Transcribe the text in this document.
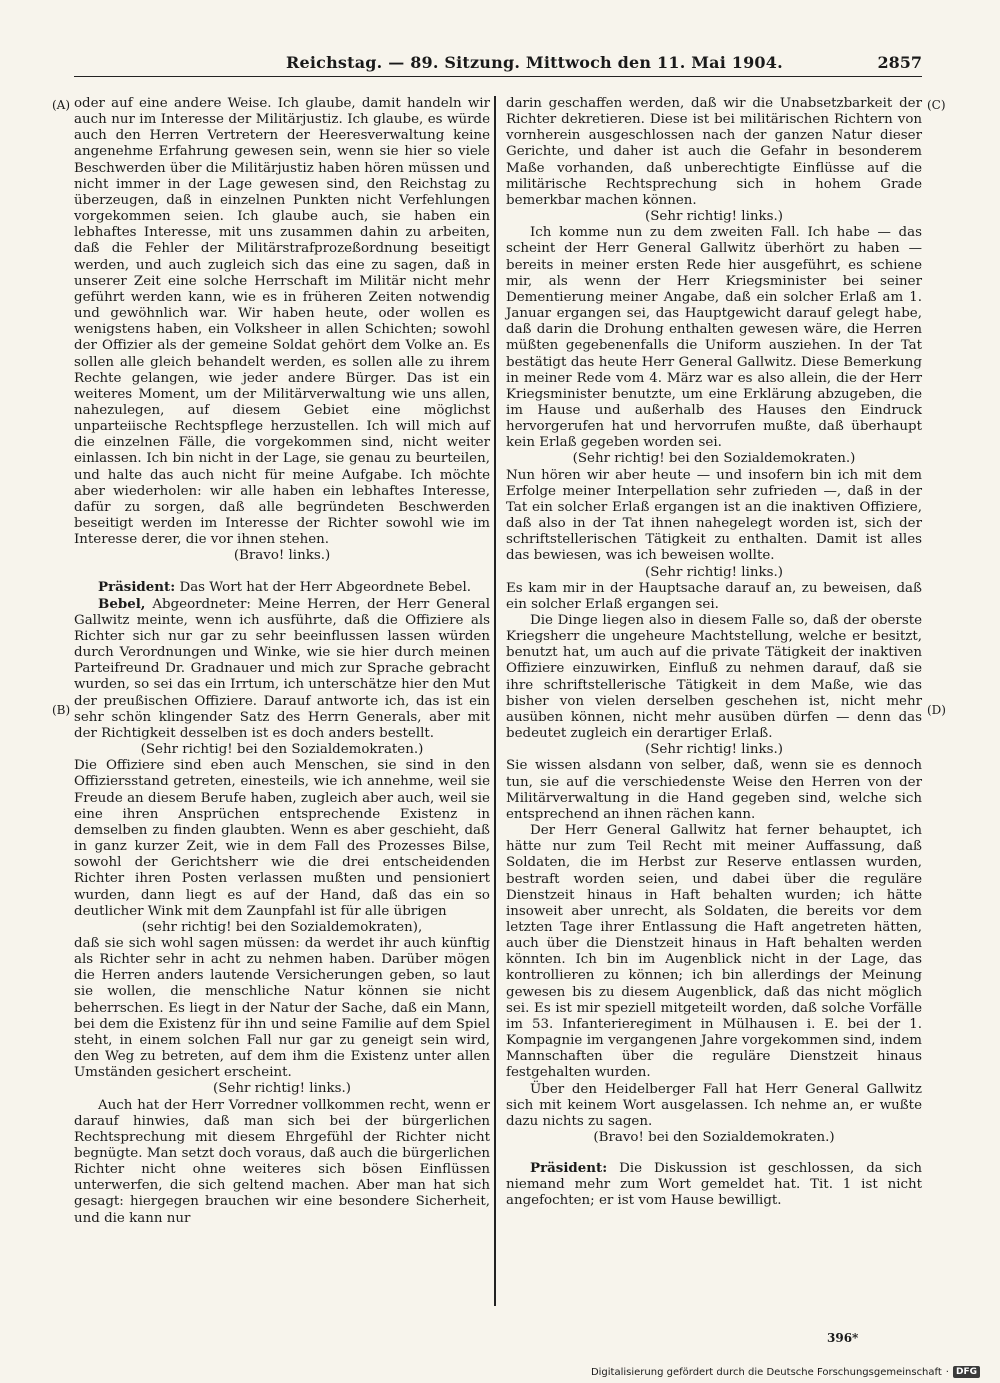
Reichstag. — 89. Sitzung. Mittwoch den 11. Mai 1904.	2857
(A)
(B)
(C)
(D)

oder auf eine andere Weise. Ich glaube, damit handeln wir auch nur im Interesse der Militärjustiz. Ich glaube, es würde auch den Herren Vertretern der Heeresverwaltung keine angenehme Erfahrung gewesen sein, wenn sie hier so viele Beschwerden über die Militärjustiz haben hören müssen und nicht immer in der Lage gewesen sind, den Reichstag zu überzeugen, daß in einzelnen Punkten nicht Verfehlungen vorgekommen seien. Ich glaube auch, sie haben ein lebhaftes Interesse, mit uns zusammen dahin zu arbeiten, daß die Fehler der Militärstrafprozeßordnung beseitigt werden, und auch zugleich sich das eine zu sagen, daß in unserer Zeit eine solche Herrschaft im Militär nicht mehr geführt werden kann, wie es in früheren Zeiten notwendig und gewöhnlich war. Wir haben heute, oder wollen es wenigstens haben, ein Volksheer in allen Schichten; sowohl der Offizier als der gemeine Soldat gehört dem Volke an. Es sollen alle gleich behandelt werden, es sollen alle zu ihrem Rechte gelangen, wie jeder andere Bürger. Das ist ein weiteres Moment, um der Militärverwaltung wie uns allen, nahezulegen, auf diesem Gebiet eine möglichst unparteiische Rechtspflege herzustellen. Ich will mich auf die einzelnen Fälle, die vorgekommen sind, nicht weiter einlassen. Ich bin nicht in der Lage, sie genau zu beurteilen, und halte das auch nicht für meine Aufgabe. Ich möchte aber wiederholen: wir alle haben ein lebhaftes Interesse, dafür zu sorgen, daß alle begründeten Beschwerden beseitigt werden im Interesse der Richter sowohl wie im Interesse derer, die vor ihnen stehen.

(Bravo! links.)

Präsident: Das Wort hat der Herr Abgeordnete Bebel.

Bebel, Abgeordneter: Meine Herren, der Herr General Gallwitz meinte, wenn ich ausführte, daß die Offiziere als Richter sich nur gar zu sehr beeinflussen lassen würden durch Verordnungen und Winke, wie sie hier durch meinen Parteifreund Dr. Gradnauer und mich zur Sprache gebracht wurden, so sei das ein Irrtum, ich unterschätze hier den Mut der preußischen Offiziere. Darauf antworte ich, das ist ein sehr schön klingender Satz des Herrn Generals, aber mit der Richtigkeit desselben ist es doch anders bestellt.

(Sehr richtig! bei den Sozialdemokraten.)

Die Offiziere sind eben auch Menschen, sie sind in den Offiziersstand getreten, einesteils, wie ich annehme, weil sie Freude an diesem Berufe haben, zugleich aber auch, weil sie eine ihren Ansprüchen entsprechende Existenz in demselben zu finden glaubten. Wenn es aber geschieht, daß in ganz kurzer Zeit, wie in dem Fall des Prozesses Bilse, sowohl der Gerichtsherr wie die drei entscheidenden Richter ihren Posten verlassen mußten und pensioniert wurden, dann liegt es auf der Hand, daß das ein so deutlicher Wink mit dem Zaunpfahl ist für alle übrigen

(sehr richtig! bei den Sozialdemokraten),

daß sie sich wohl sagen müssen: da werdet ihr auch künftig als Richter sehr in acht zu nehmen haben. Darüber mögen die Herren anders lautende Versicherungen geben, so laut sie wollen, die menschliche Natur können sie nicht beherrschen. Es liegt in der Natur der Sache, daß ein Mann, bei dem die Existenz für ihn und seine Familie auf dem Spiel steht, in einem solchen Fall nur gar zu geneigt sein wird, den Weg zu betreten, auf dem ihm die Existenz unter allen Umständen gesichert erscheint.

(Sehr richtig! links.)

Auch hat der Herr Vorredner vollkommen recht, wenn er darauf hinwies, daß man sich bei der bürgerlichen Rechtsprechung mit diesem Ehrgefühl der Richter nicht begnügte. Man setzt doch voraus, daß auch die bürgerlichen Richter nicht ohne weiteres sich bösen Einflüssen unterwerfen, die sich geltend machen. Aber man hat sich gesagt: hiergegen brauchen wir eine besondere Sicherheit, und die kann nur

darin geschaffen werden, daß wir die Unabsetzbarkeit der Richter dekretieren. Diese ist bei militärischen Richtern von vornherein ausgeschlossen nach der ganzen Natur dieser Gerichte, und daher ist auch die Gefahr in besonderem Maße vorhanden, daß unberechtigte Einflüsse auf die militärische Rechtsprechung sich in hohem Grade bemerkbar machen können.

(Sehr richtig! links.)

Ich komme nun zu dem zweiten Fall. Ich habe — das scheint der Herr General Gallwitz überhört zu haben — bereits in meiner ersten Rede hier ausgeführt, es schiene mir, als wenn der Herr Kriegsminister bei seiner Dementierung meiner Angabe, daß ein solcher Erlaß am 1. Januar ergangen sei, das Hauptgewicht darauf gelegt habe, daß darin die Drohung enthalten gewesen wäre, die Herren müßten gegebenenfalls die Uniform ausziehen. In der Tat bestätigt das heute Herr General Gallwitz. Diese Bemerkung in meiner Rede vom 4. März war es also allein, die der Herr Kriegsminister benutzte, um eine Erklärung abzugeben, die im Hause und außerhalb des Hauses den Eindruck hervorgerufen hat und hervorrufen mußte, daß überhaupt kein Erlaß gegeben worden sei.

(Sehr richtig! bei den Sozialdemokraten.)

Nun hören wir aber heute — und insofern bin ich mit dem Erfolge meiner Interpellation sehr zufrieden —, daß in der Tat ein solcher Erlaß ergangen ist an die inaktiven Offiziere, daß also in der Tat ihnen nahegelegt worden ist, sich der schriftstellerischen Tätigkeit zu enthalten. Damit ist alles das bewiesen, was ich beweisen wollte.

(Sehr richtig! links.)

Es kam mir in der Hauptsache darauf an, zu beweisen, daß ein solcher Erlaß ergangen sei.

Die Dinge liegen also in diesem Falle so, daß der oberste Kriegsherr die ungeheure Machtstellung, welche er besitzt, benutzt hat, um auch auf die private Tätigkeit der inaktiven Offiziere einzuwirken, Einfluß zu nehmen darauf, daß sie ihre schriftstellerische Tätigkeit in dem Maße, wie das bisher von vielen derselben geschehen ist, nicht mehr ausüben können, nicht mehr ausüben dürfen — denn das bedeutet zugleich ein derartiger Erlaß.

(Sehr richtig! links.)

Sie wissen alsdann von selber, daß, wenn sie es dennoch tun, sie auf die verschiedenste Weise den Herren von der Militärverwaltung in die Hand gegeben sind, welche sich entsprechend an ihnen rächen kann.

Der Herr General Gallwitz hat ferner behauptet, ich hätte nur zum Teil Recht mit meiner Auffassung, daß Soldaten, die im Herbst zur Reserve entlassen wurden, bestraft worden seien, und dabei über die reguläre Dienstzeit hinaus in Haft behalten wurden; ich hätte insoweit aber unrecht, als Soldaten, die bereits vor dem letzten Tage ihrer Entlassung die Haft angetreten hätten, auch über die Dienstzeit hinaus in Haft behalten werden könnten. Ich bin im Augenblick nicht in der Lage, das kontrollieren zu können; ich bin allerdings der Meinung gewesen bis zu diesem Augenblick, daß das nicht möglich sei. Es ist mir speziell mitgeteilt worden, daß solche Vorfälle im 53. Infanterieregiment in Mülhausen i. E. bei der 1. Kompagnie im vergangenen Jahre vorgekommen sind, indem Mannschaften über die reguläre Dienstzeit hinaus festgehalten wurden.

Über den Heidelberger Fall hat Herr General Gallwitz sich mit keinem Wort ausgelassen. Ich nehme an, er wußte dazu nichts zu sagen.

(Bravo! bei den Sozialdemokraten.)

Präsident: Die Diskussion ist geschlossen, da sich niemand mehr zum Wort gemeldet hat. Tit. 1 ist nicht angefochten; er ist vom Hause bewilligt.

396*
Digitalisierung gefördert durch die Deutsche Forschungsgemeinschaft · DFG
